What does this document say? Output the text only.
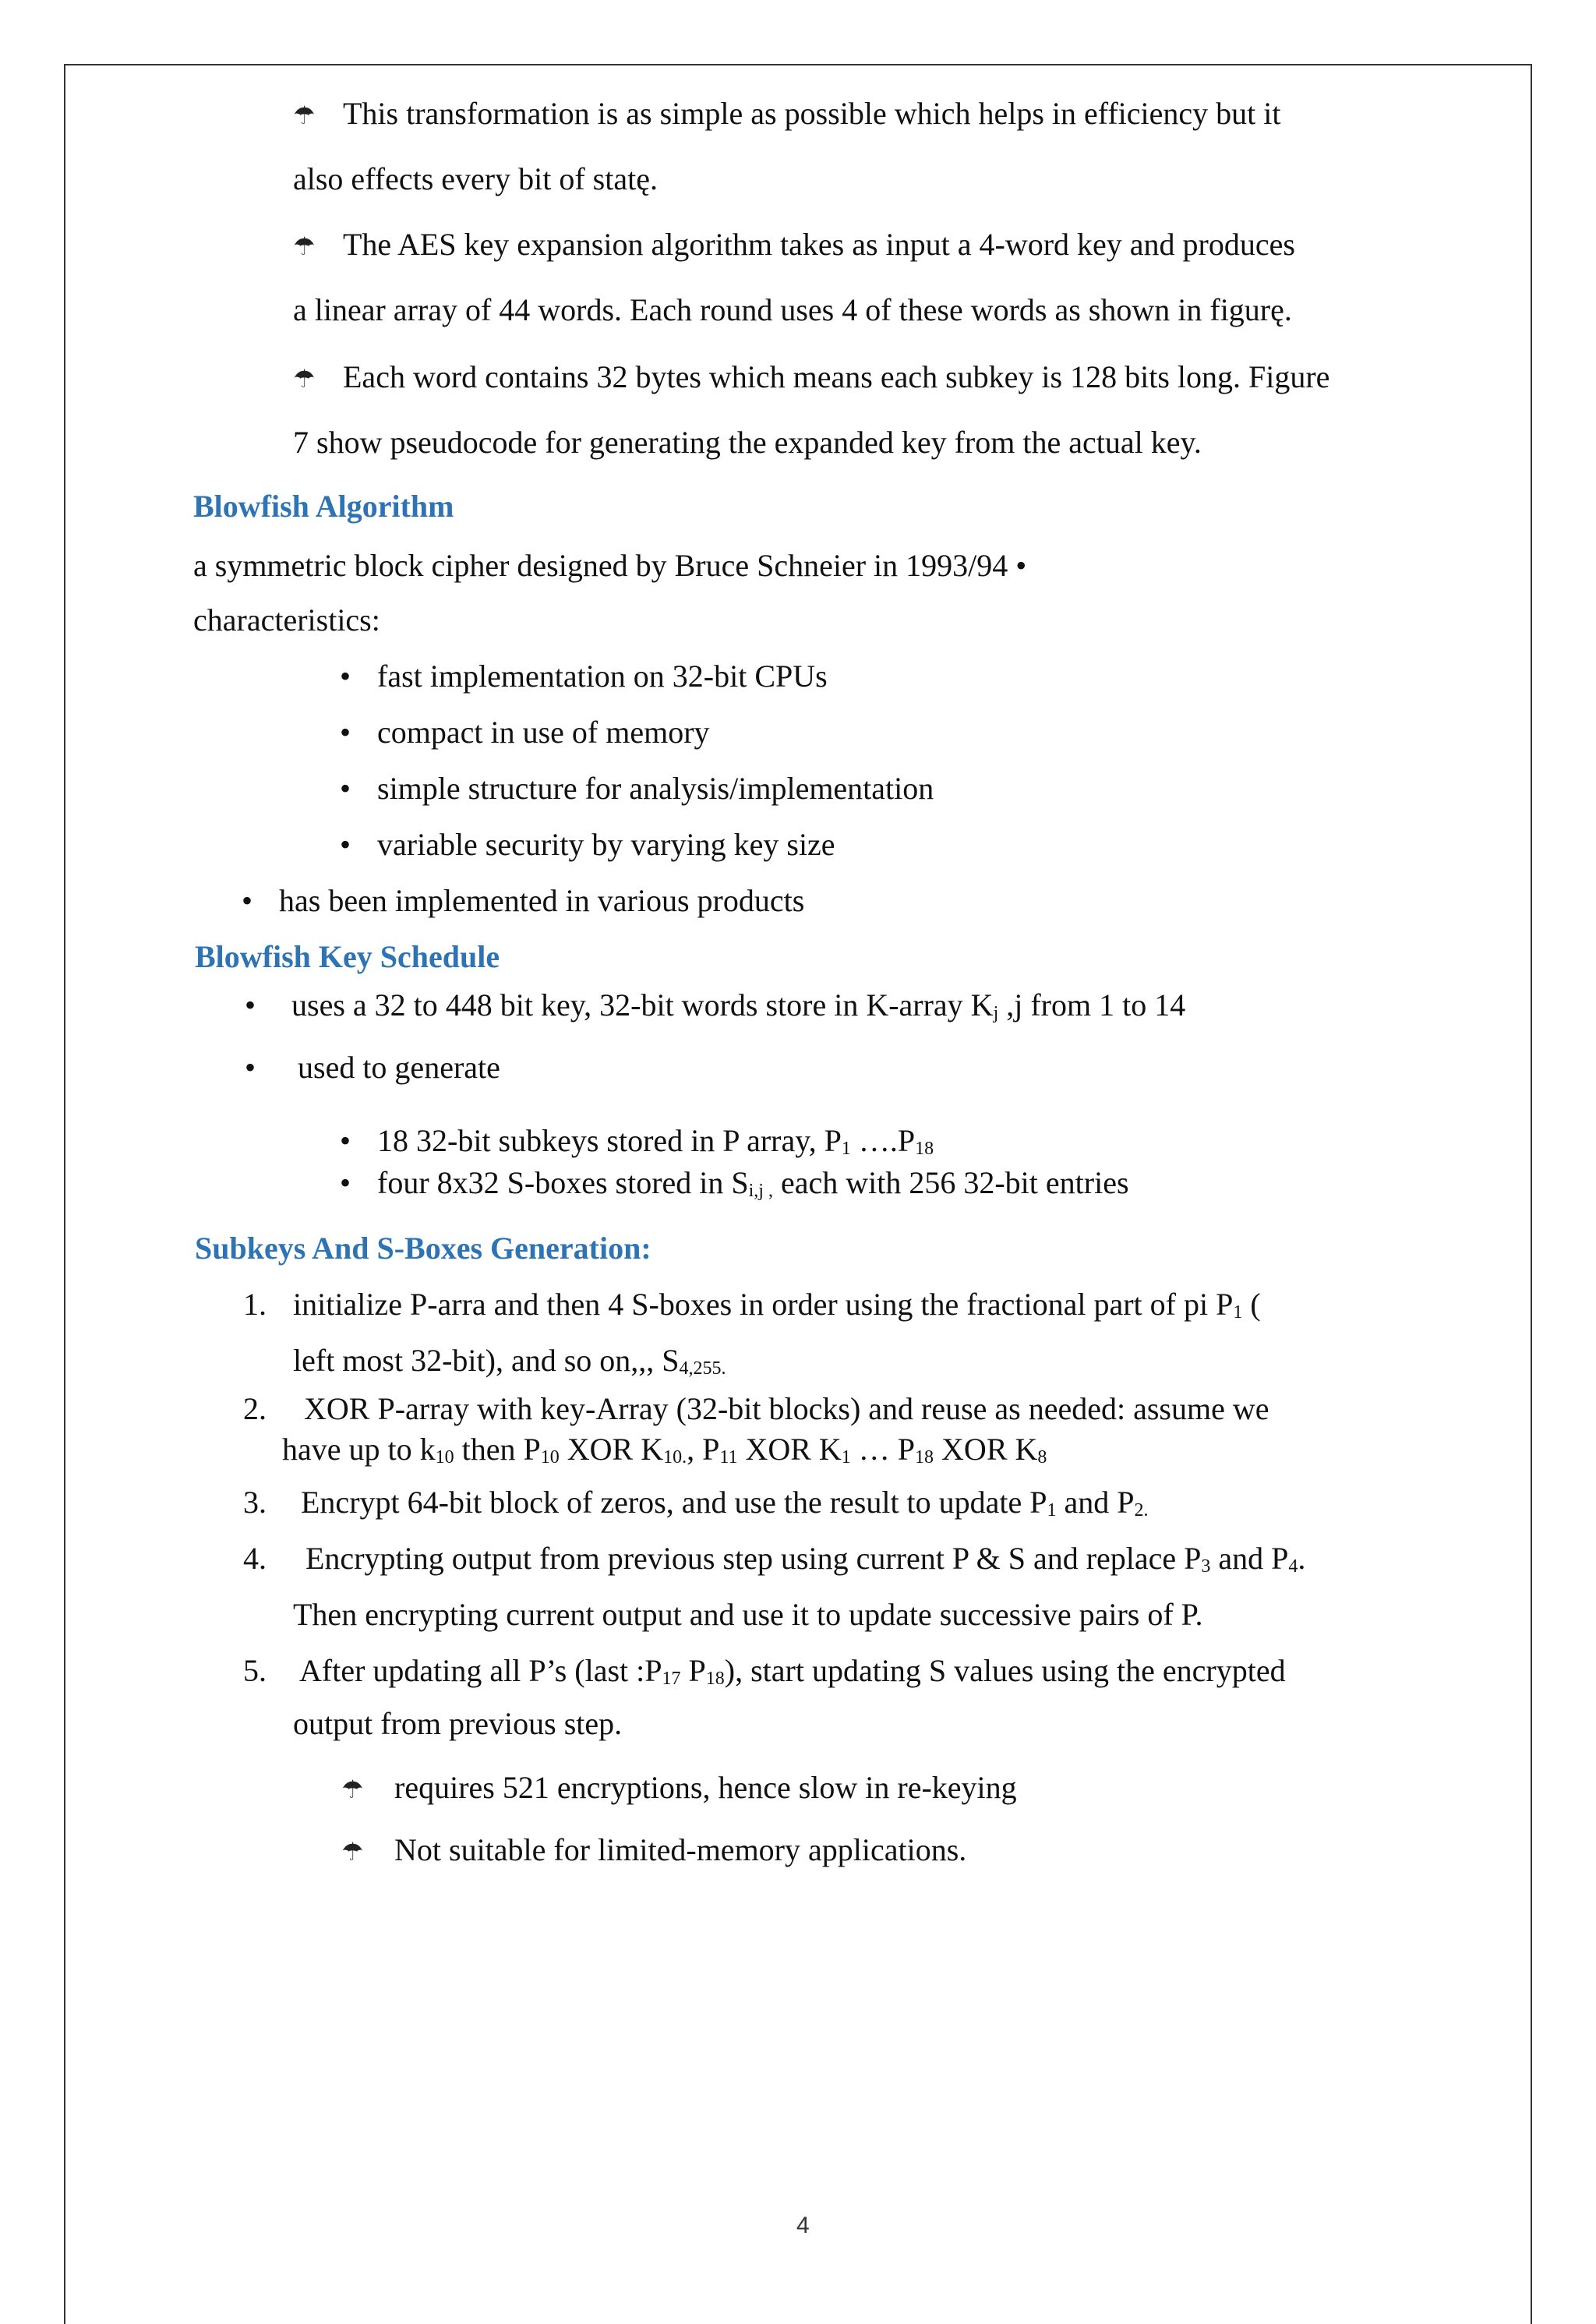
☂ This transformation is as simple as possible which helps in efficiency but it
also effects every bit of statę.
☂ The AES key expansion algorithm takes as input a 4-word key and produces
a linear array of 44 words. Each round uses 4 of these words as shown in figurę.
☂ Each word contains 32 bytes which means each subkey is 128 bits long. Figure
7 show pseudocode for generating the expanded key from the actual key.
Blowfish Algorithm
a symmetric block cipher designed by Bruce Schneier in 1993/94 •
characteristics:
• fast implementation on 32-bit CPUs
• compact in use of memory
• simple structure for analysis/implementation
• variable security by varying key size
• has been implemented in various products
Blowfish Key Schedule
• uses a 32 to 448 bit key, 32-bit words store in K-array $K_j$ ,j from 1 to 14
• used to generate
• 18 32-bit subkeys stored in P array, $P_1$ $\dots.P_{18}$
• four 8x32 S-boxes stored in $S_{i,j ,}$ each with 256 32-bit entries
Subkeys And S-Boxes Generation:
1. initialize P-arra and then 4 S-boxes in order using the fractional part of pi $P_1$ (
left most 32-bit), and so on,,, $S_{4,255.}$
2. XOR P-array with key-Array (32-bit blocks) and reuse as needed: assume we
have up to $k_{10}$ then $P_{10}$ XOR $K_{10.}$, $P_{11}$ XOR $K_1$ … $P_{18}$ XOR $K_8$
3. Encrypt 64-bit block of zeros, and use the result to update $P_1$ and $P_{2.}$
4. Encrypting output from previous step using current P & S and replace $P_3$ and $P_4$.
Then encrypting current output and use it to update successive pairs of P.
5. After updating all P’s (last $:P_{17}$ $P_{18}$), start updating S values using the encrypted
output from previous step.
☂ requires 521 encryptions, hence slow in re-keying
☂ Not suitable for limited-memory applications.
4
